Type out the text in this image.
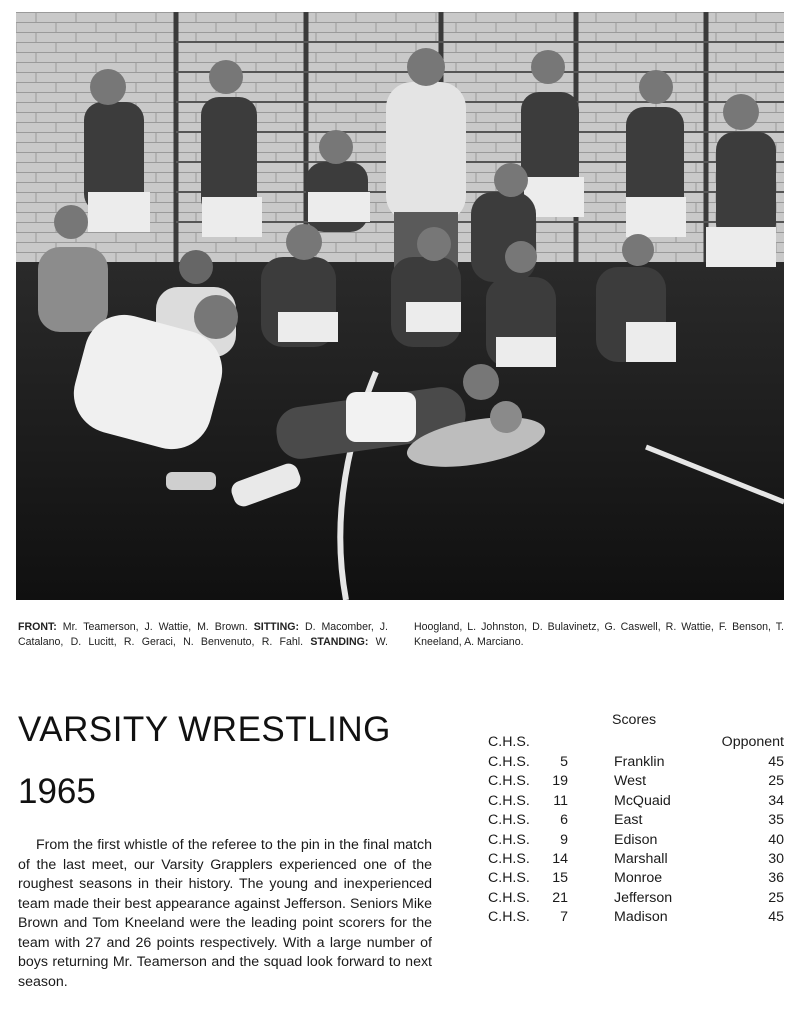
FRONT: Mr. Teamerson, J. Wattie, M. Brown. SITTING: D. Macomber, J. Catalano, D. Lucitt, R. Geraci, N. Benvenuto, R. Fahl. STANDING: W. Hoogland, L. Johnston, D. Bulavinetz, G. Caswell, R. Wattie, F. Benson, T. Kneeland, A. Marciano.
VARSITY WRESTLING
1965

From the first whistle of the referee to the pin in the final match of the last meet, our Varsity Grapplers experienced one of the roughest seasons in their history. The young and inexperienced team made their best appearance against Jefferson. Seniors Mike Brown and Tom Kneeland were the leading point scorers for the team with 27 and 26 points respectively. With a large number of boys returning Mr. Teamerson and the squad look forward to next season.

Scores
C.H.S.	Opponent
C.H.S. 5	Franklin	45
C.H.S. 19	West	25
C.H.S. 11	McQuaid	34
C.H.S. 6	East	35
C.H.S. 9	Edison	40
C.H.S. 14	Marshall	30
C.H.S. 15	Monroe	36
C.H.S. 21	Jefferson	25
C.H.S. 7	Madison	45
